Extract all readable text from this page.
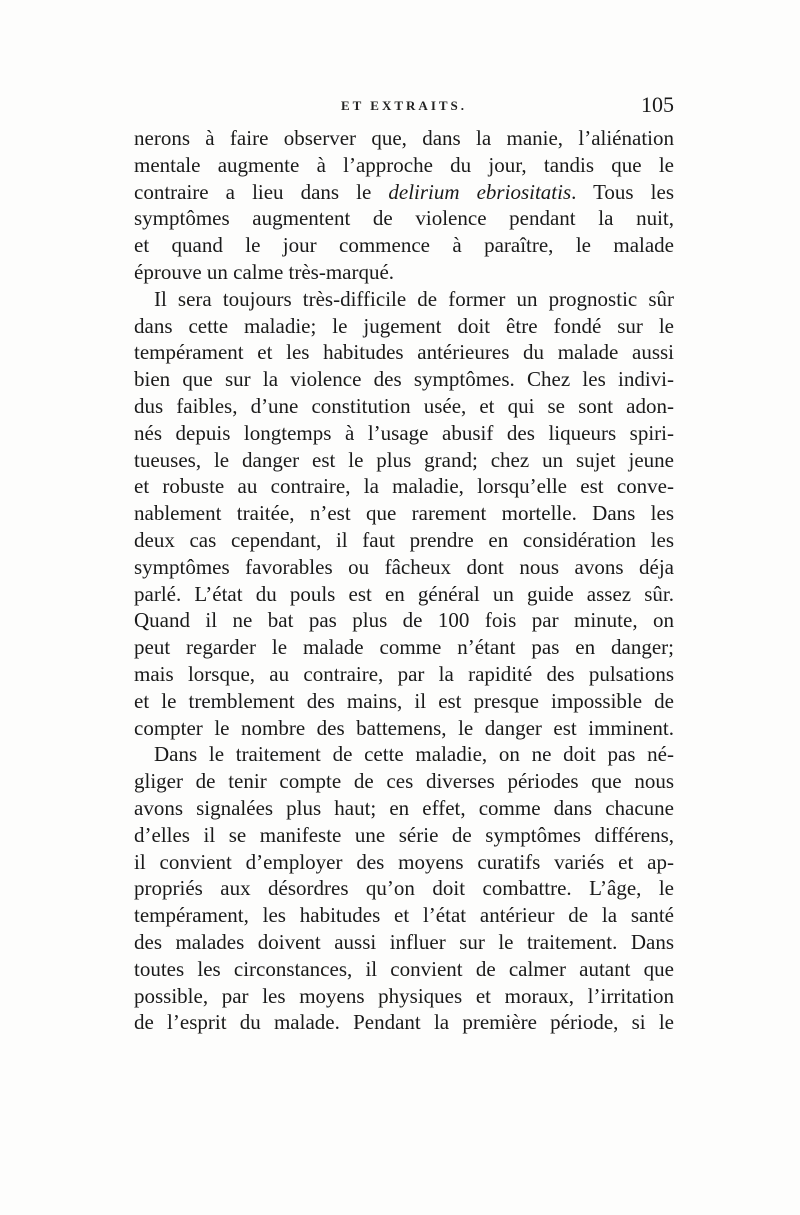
ET EXTRAITS.	105
nerons à faire observer que, dans la manie, l’aliénation
mentale augmente à l’approche du jour, tandis que le
contraire a lieu dans le delirium ebriositatis. Tous les
symptômes augmentent de violence pendant la nuit,
et quand le jour commence à paraître, le malade
éprouve un calme très-marqué.
Il sera toujours très-difficile de former un prognostic sûr
dans cette maladie; le jugement doit être fondé sur le
tempérament et les habitudes antérieures du malade aussi
bien que sur la violence des symptômes. Chez les indivi-
dus faibles, d’une constitution usée, et qui se sont adon-
nés depuis longtemps à l’usage abusif des liqueurs spiri-
tueuses, le danger est le plus grand; chez un sujet jeune
et robuste au contraire, la maladie, lorsqu’elle est conve-
nablement traitée, n’est que rarement mortelle. Dans les
deux cas cependant, il faut prendre en considération les
symptômes favorables ou fâcheux dont nous avons déja
parlé. L’état du pouls est en général un guide assez sûr.
Quand il ne bat pas plus de 100 fois par minute, on
peut regarder le malade comme n’étant pas en danger;
mais lorsque, au contraire, par la rapidité des pulsations
et le tremblement des mains, il est presque impossible de
compter le nombre des battemens, le danger est imminent.
Dans le traitement de cette maladie, on ne doit pas né-
gliger de tenir compte de ces diverses périodes que nous
avons signalées plus haut; en effet, comme dans chacune
d’elles il se manifeste une série de symptômes différens,
il convient d’employer des moyens curatifs variés et ap-
propriés aux désordres qu’on doit combattre. L’âge, le
tempérament, les habitudes et l’état antérieur de la santé
des malades doivent aussi influer sur le traitement. Dans
toutes les circonstances, il convient de calmer autant que
possible, par les moyens physiques et moraux, l’irritation
de l’esprit du malade. Pendant la première période, si le
